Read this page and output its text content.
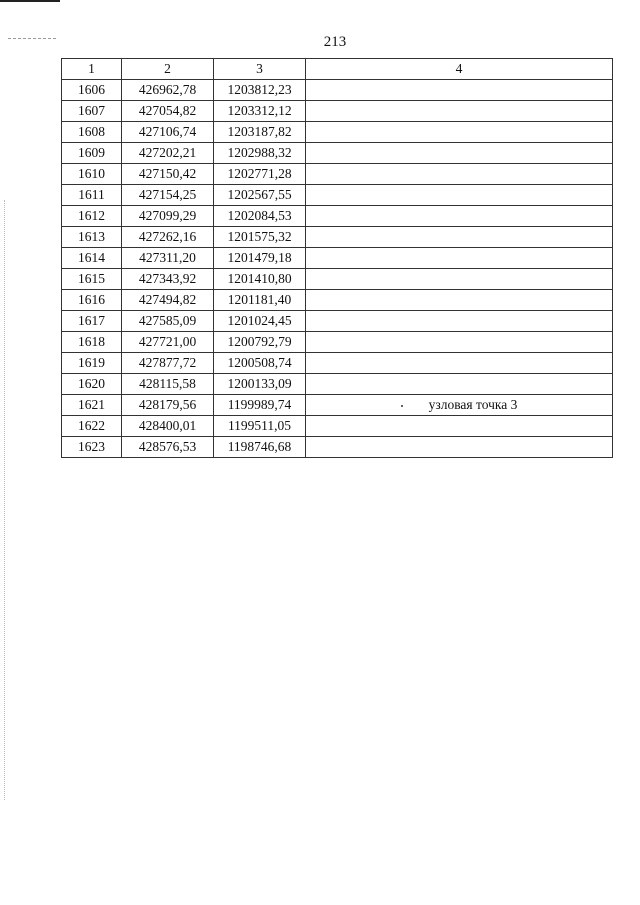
213
1	2	3	4
1606	426962,78	1203812,23	
1607	427054,82	1203312,12	
1608	427106,74	1203187,82	
1609	427202,21	1202988,32	
1610	427150,42	1202771,28	
1611	427154,25	1202567,55	
1612	427099,29	1202084,53	
1613	427262,16	1201575,32	
1614	427311,20	1201479,18	
1615	427343,92	1201410,80	
1616	427494,82	1201181,40	
1617	427585,09	1201024,45	
1618	427721,00	1200792,79	
1619	427877,72	1200508,74	
1620	428115,58	1200133,09	
1621	428179,56	1199989,74	узловая точка 3
1622	428400,01	1199511,05	
1623	428576,53	1198746,68	
